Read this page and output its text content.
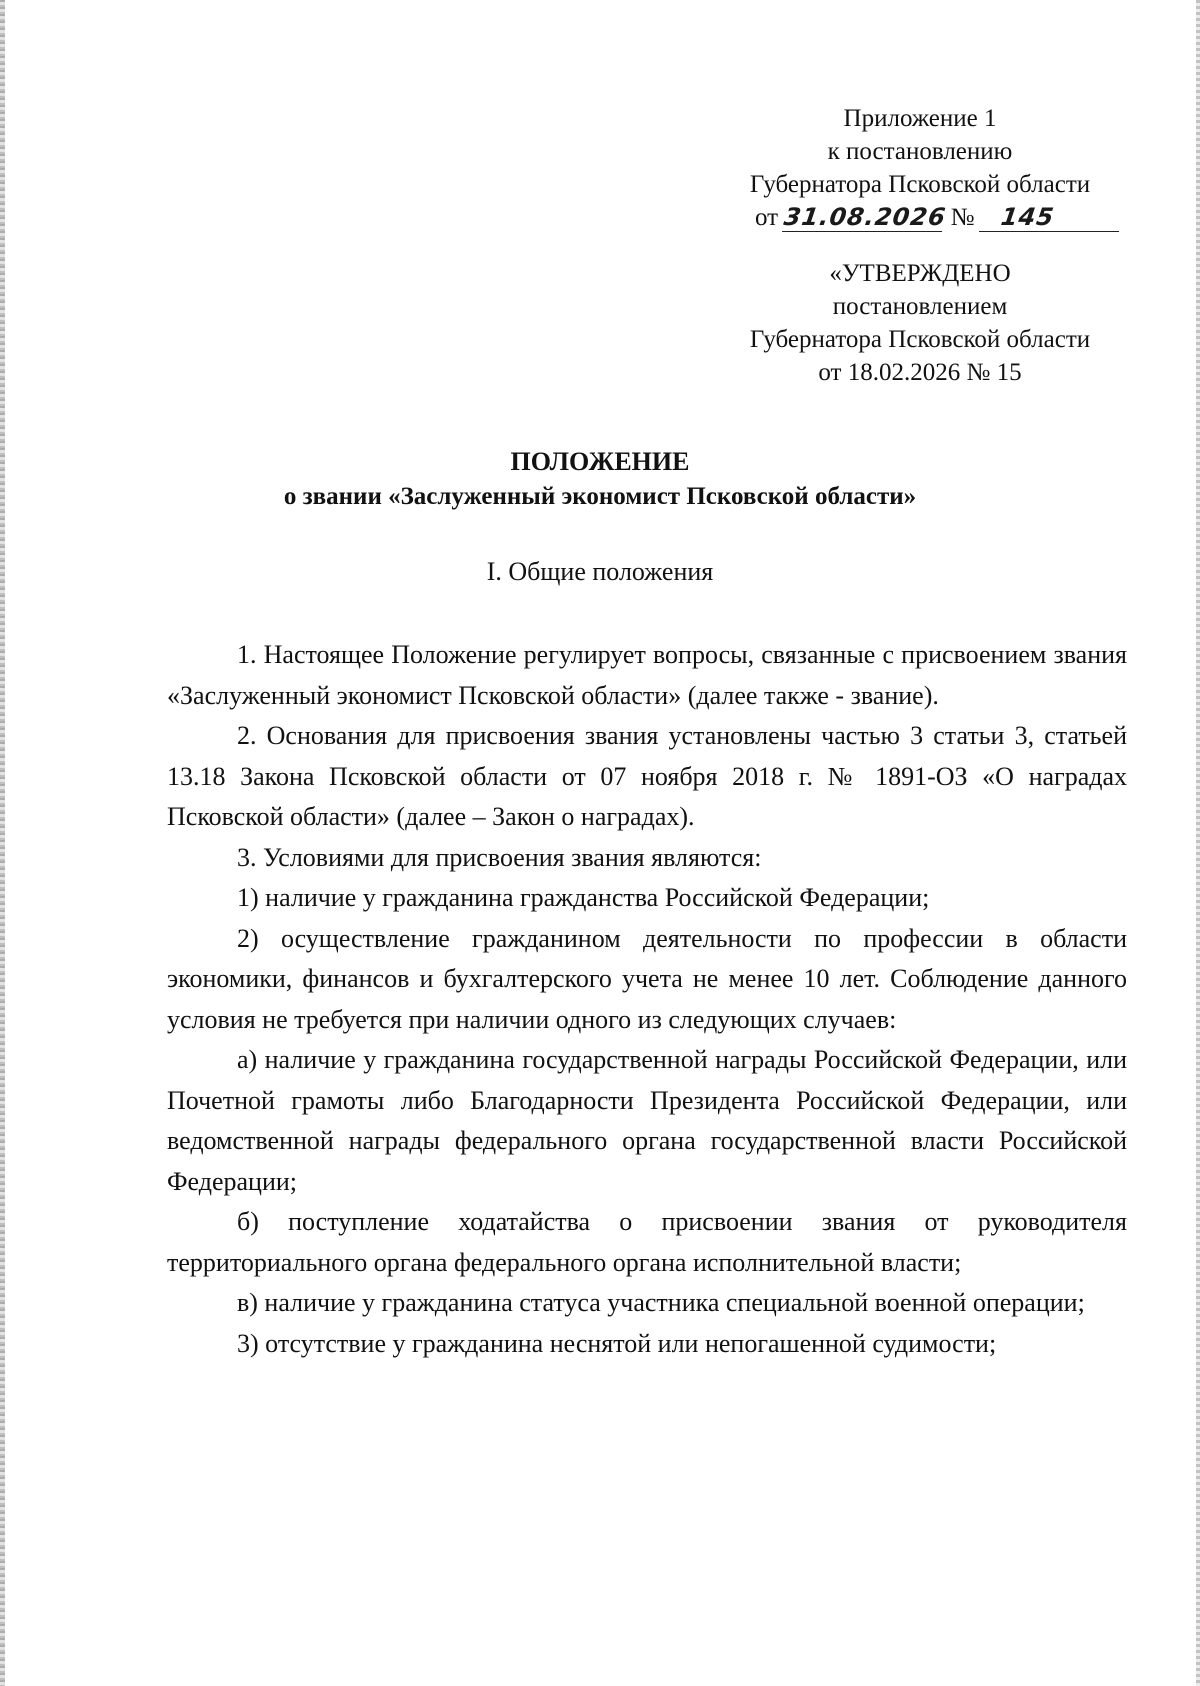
Приложение 1
к постановлению
Губернатора Псковской области
от 31.08.2026 № 145
«УТВЕРЖДЕНО
постановлением
Губернатора Псковской области
от 18.02.2026 № 15
ПОЛОЖЕНИЕ
о звании «Заслуженный экономист Псковской области»
I. Общие положения

1. Настоящее Положение регулирует вопросы, связанные с присвоением звания «Заслуженный экономист Псковской области» (далее также - звание).

2. Основания для присвоения звания установлены частью 3 статьи 3, статьей 13.18 Закона Псковской области от 07 ноября 2018 г. № 1891-ОЗ «О наградах Псковской области» (далее – Закон о наградах).

3. Условиями для присвоения звания являются:

1) наличие у гражданина гражданства Российской Федерации;

2) осуществление гражданином деятельности по профессии в области экономики, финансов и бухгалтерского учета не менее 10 лет. Соблюдение данного условия не требуется при наличии одного из следующих случаев:

а) наличие у гражданина государственной награды Российской Федерации, или Почетной грамоты либо Благодарности Президента Российской Федерации, или ведомственной награды федерального органа государственной власти Российской Федерации;

б) поступление ходатайства о присвоении звания от руководителя территориального органа федерального органа исполнительной власти;

в) наличие у гражданина статуса участника специальной военной операции;

3) отсутствие у гражданина неснятой или непогашенной судимости;
